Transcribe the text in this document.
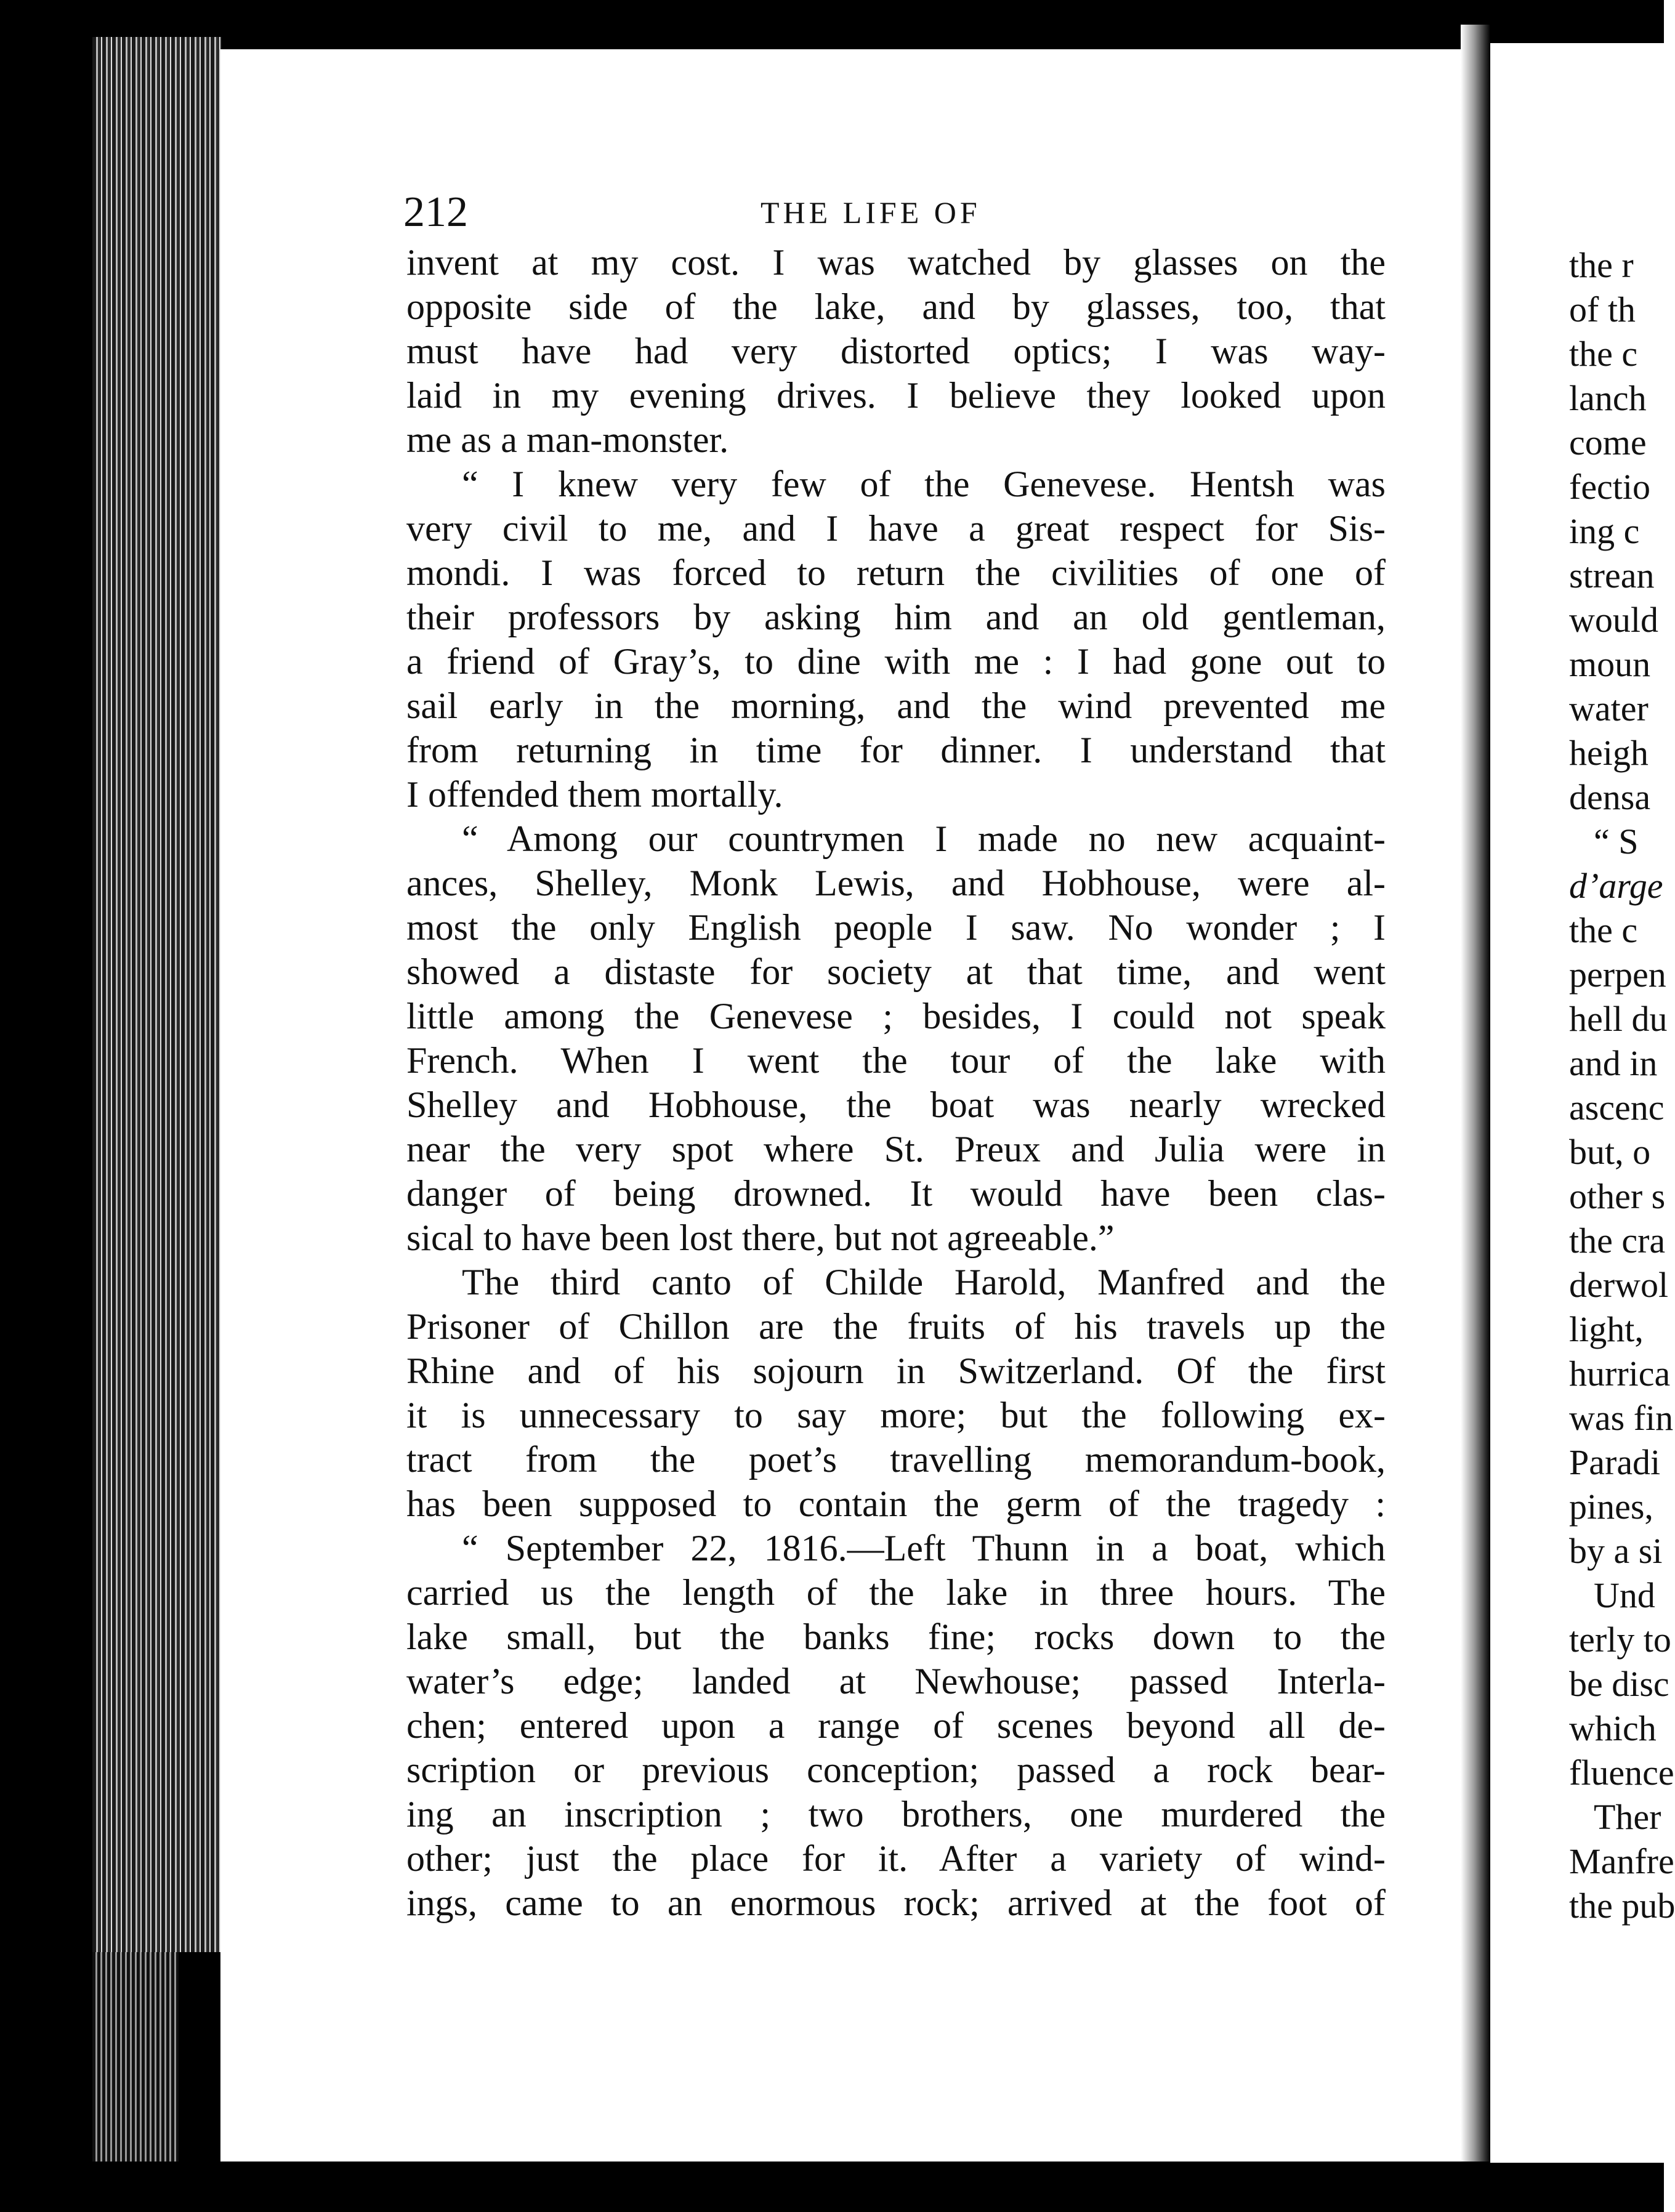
212	THE LIFE OF
invent at my cost. I was watched by glasses on the
opposite side of the lake, and by glasses, too, that
must have had very distorted optics; I was way-
laid in my evening drives. I believe they looked upon
me as a man-monster.
“ I knew very few of the Genevese. Hentsh was
very civil to me, and I have a great respect for Sis-
mondi. I was forced to return the civilities of one of
their professors by asking him and an old gentleman,
a friend of Gray’s, to dine with me : I had gone out to
sail early in the morning, and the wind prevented me
from returning in time for dinner. I understand that
I offended them mortally.
“ Among our countrymen I made no new acquaint-
ances, Shelley, Monk Lewis, and Hobhouse, were al-
most the only English people I saw. No wonder ; I
showed a distaste for society at that time, and went
little among the Genevese ; besides, I could not speak
French. When I went the tour of the lake with
Shelley and Hobhouse, the boat was nearly wrecked
near the very spot where St. Preux and Julia were in
danger of being drowned. It would have been clas-
sical to have been lost there, but not agreeable.”
The third canto of Childe Harold, Manfred and the
Prisoner of Chillon are the fruits of his travels up the
Rhine and of his sojourn in Switzerland. Of the first
it is unnecessary to say more; but the following ex-
tract from the poet’s travelling memorandum-book,
has been supposed to contain the germ of the tragedy :
“ September 22, 1816.—Left Thunn in a boat, which
carried us the length of the lake in three hours. The
lake small, but the banks fine; rocks down to the
water’s edge; landed at Newhouse; passed Interla-
chen; entered upon a range of scenes beyond all de-
scription or previous conception; passed a rock bear-
ing an inscription ; two brothers, one murdered the
other; just the place for it. After a variety of wind-
ings, came to an enormous rock; arrived at the foot of
the r
of th
the c
lanch
come
fectio
ing c
strean
would
moun
water
heigh
densa
“ S
d’arge
the c
perpen
hell du
and in
ascenc
but, o
other s
the cra
derwol
light,
hurrica
was fin
Paradi
pines,
by a si
Und
terly to
be disc
which
fluence
Ther
Manfre
the pub
